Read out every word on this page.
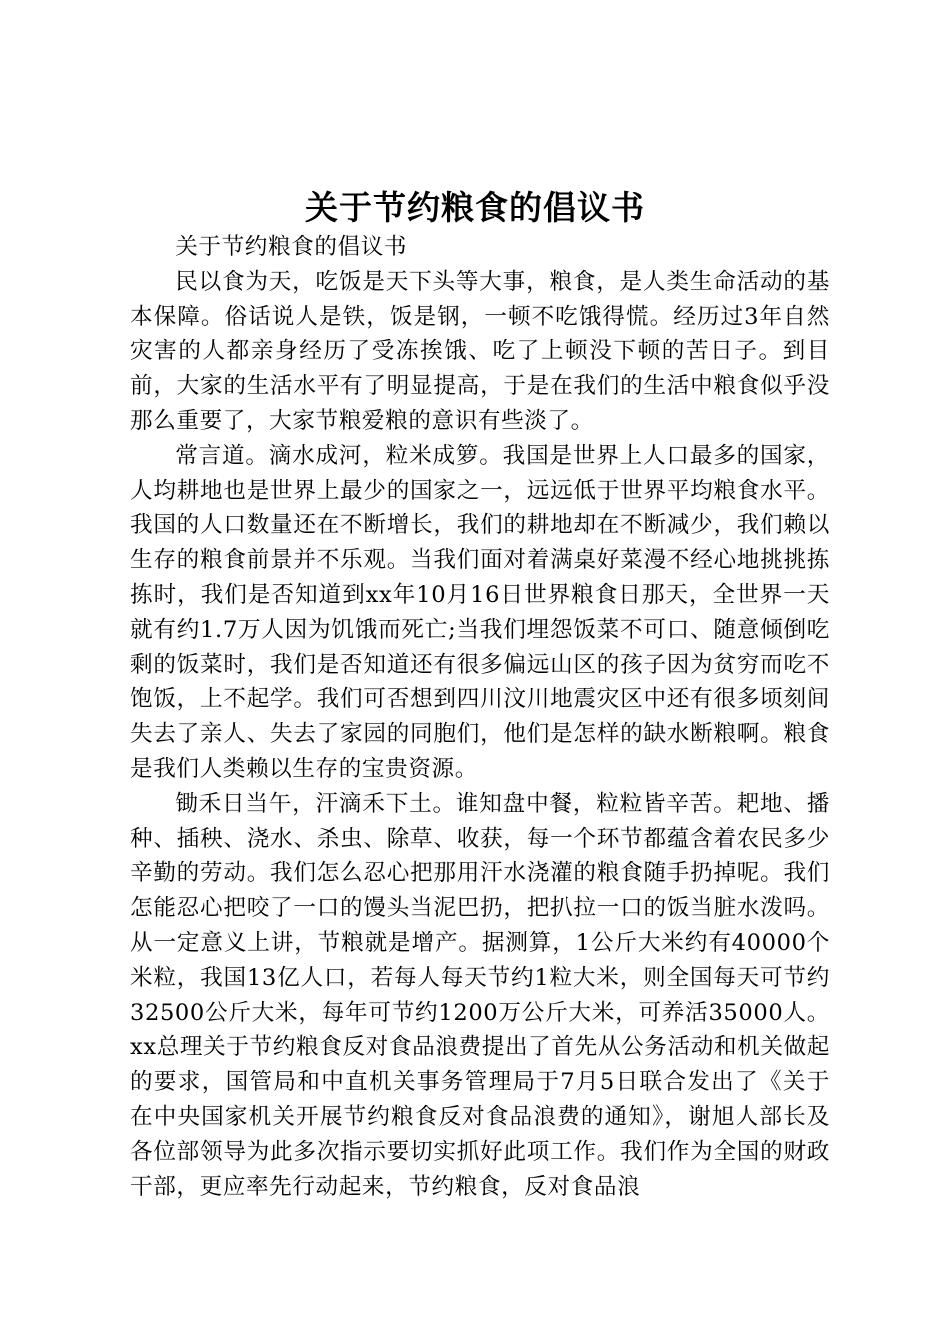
关于节约粮食的倡议书

关于节约粮食的倡议书

民以食为天，吃饭是天下头等大事，粮食，是人类生命活动的基本保障。俗话说人是铁，饭是钢，一顿不吃饿得慌。经历过3年自然灾害的人都亲身经历了受冻挨饿、吃了上顿没下顿的苦日子。到目前，大家的生活水平有了明显提高，于是在我们的生活中粮食似乎没那么重要了，大家节粮爱粮的意识有些淡了。

常言道。滴水成河，粒米成箩。我国是世界上人口最多的国家，人均耕地也是世界上最少的国家之一，远远低于世界平均粮食水平。我国的人口数量还在不断增长，我们的耕地却在不断减少，我们赖以生存的粮食前景并不乐观。当我们面对着满桌好菜漫不经心地挑挑拣拣时，我们是否知道到xx年10月16日世界粮食日那天，全世界一天就有约1.7万人因为饥饿而死亡;当我们埋怨饭菜不可口、随意倾倒吃剩的饭菜时，我们是否知道还有很多偏远山区的孩子因为贫穷而吃不饱饭，上不起学。我们可否想到四川汶川地震灾区中还有很多顷刻间失去了亲人、失去了家园的同胞们，他们是怎样的缺水断粮啊。粮食是我们人类赖以生存的宝贵资源。

锄禾日当午，汗滴禾下土。谁知盘中餐，粒粒皆辛苦。耙地、播种、插秧、浇水、杀虫、除草、收获，每一个环节都蕴含着农民多少辛勤的劳动。我们怎么忍心把那用汗水浇灌的粮食随手扔掉呢。我们怎能忍心把咬了一口的馒头当泥巴扔，把扒拉一口的饭当脏水泼吗。从一定意义上讲，节粮就是增产。据测算，1公斤大米约有40000个米粒，我国13亿人口，若每人每天节约1粒大米，则全国每天可节约32500公斤大米，每年可节约1200万公斤大米，可养活35000人。xx总理关于节约粮食反对食品浪费提出了首先从公务活动和机关做起的要求，国管局和中直机关事务管理局于7月5日联合发出了《关于在中央国家机关开展节约粮食反对食品浪费的通知》，谢旭人部长及各位部领导为此多次指示要切实抓好此项工作。我们作为全国的财政干部，更应率先行动起来，节约粮食，反对食品浪
